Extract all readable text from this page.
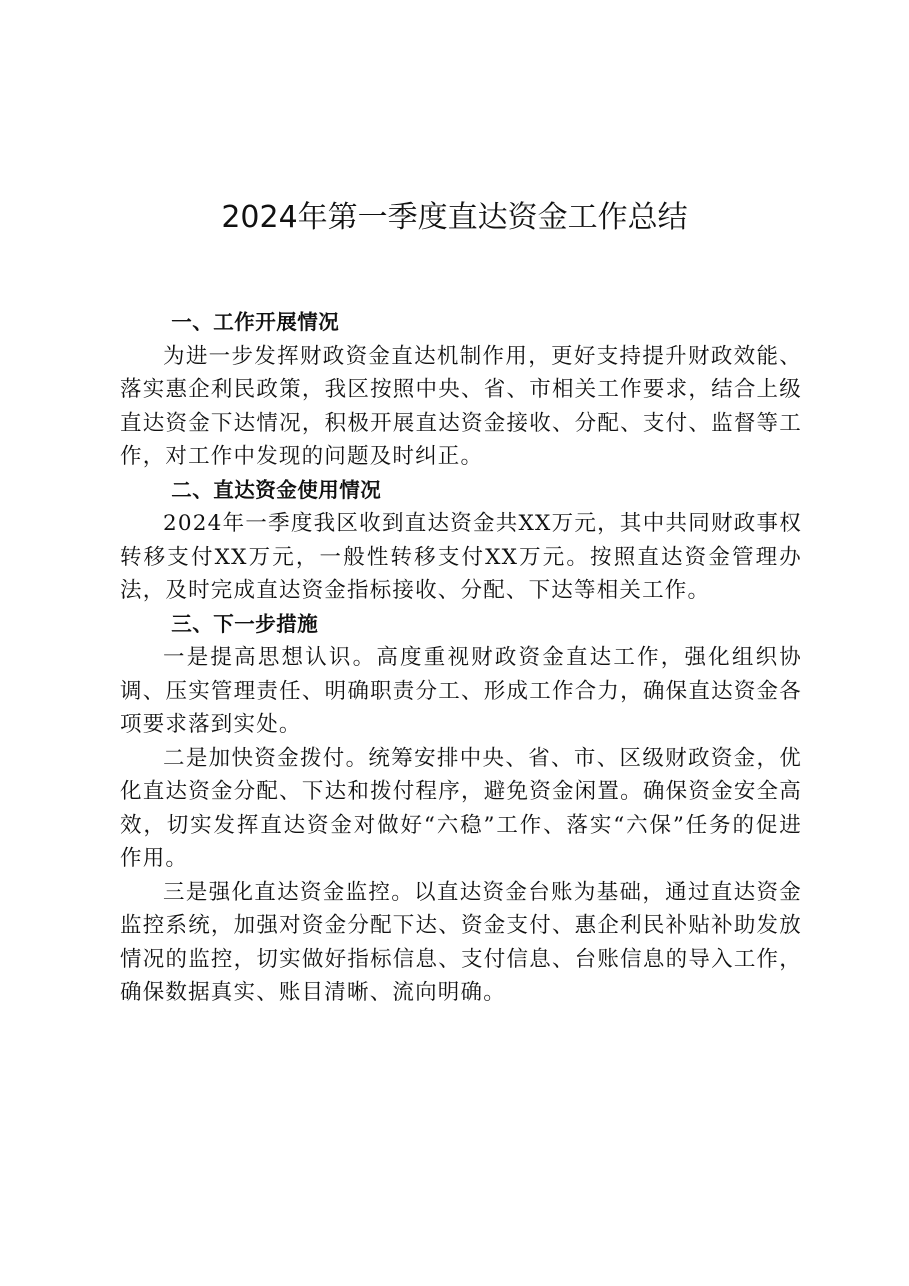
2024年第一季度直达资金工作总结
一、工作开展情况

为进一步发挥财政资金直达机制作用，更好支持提升财政效能、落实惠企利民政策，我区按照中央、省、市相关工作要求，结合上级直达资金下达情况，积极开展直达资金接收、分配、支付、监督等工作，对工作中发现的问题及时纠正。

二、直达资金使用情况

2024年一季度我区收到直达资金共XX万元，其中共同财政事权转移支付XX万元，一般性转移支付XX万元。按照直达资金管理办法，及时完成直达资金指标接收、分配、下达等相关工作。

三、下一步措施

一是提高思想认识。高度重视财政资金直达工作，强化组织协调、压实管理责任、明确职责分工、形成工作合力，确保直达资金各项要求落到实处。

二是加快资金拨付。统筹安排中央、省、市、区级财政资金，优化直达资金分配、下达和拨付程序，避免资金闲置。确保资金安全高效，切实发挥直达资金对做好“六稳”工作、落实“六保”任务的促进作用。

三是强化直达资金监控。以直达资金台账为基础，通过直达资金监控系统，加强对资金分配下达、资金支付、惠企利民补贴补助发放情况的监控，切实做好指标信息、支付信息、台账信息的导入工作，确保数据真实、账目清晰、流向明确。
